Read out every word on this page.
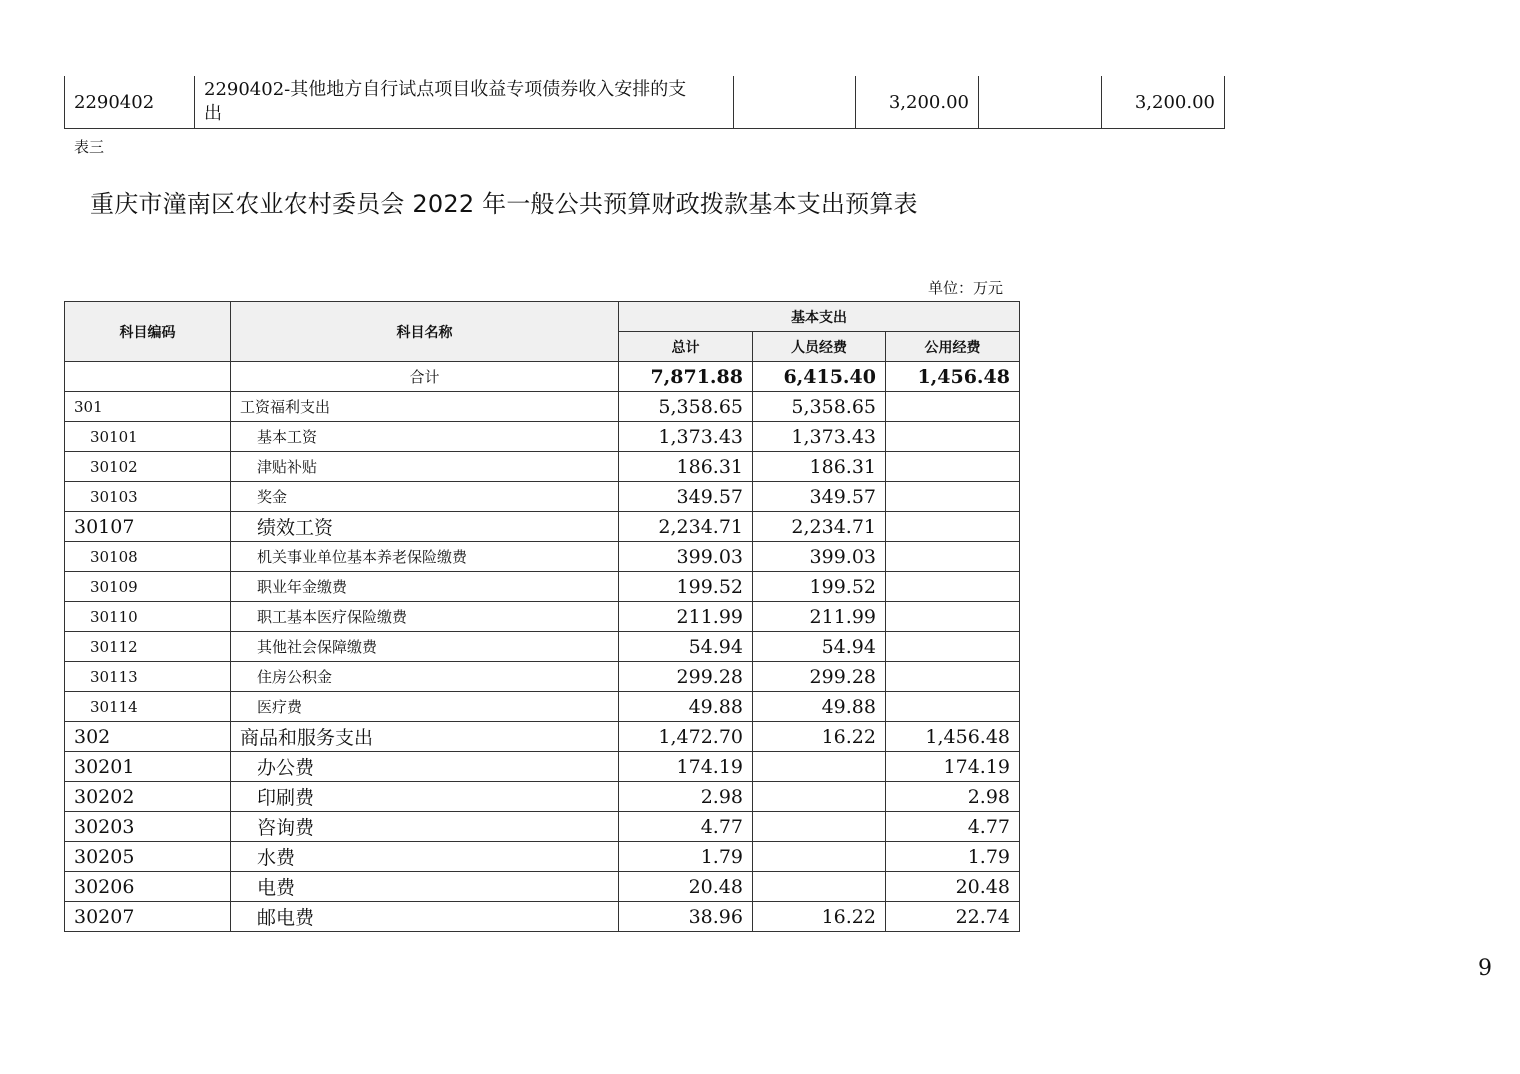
2290402	2290402-其他地方自行试点项目收益专项债券收入安排的支
出		3,200.00		3,200.00
表三
重庆市潼南区农业农村委员会 2022 年一般公共预算财政拨款基本支出预算表
单位：万元
科目编码	科目名称	基本支出		
		总计	人员经费	公用经费
	合计	7,871.88	6,415.40	1,456.48
301	工资福利支出	5,358.65	5,358.65	
30101	基本工资	1,373.43	1,373.43	
30102	津贴补贴	186.31	186.31	
30103	奖金	349.57	349.57	
30107	绩效工资	2,234.71	2,234.71	
30108	机关事业单位基本养老保险缴费	399.03	399.03	
30109	职业年金缴费	199.52	199.52	
30110	职工基本医疗保险缴费	211.99	211.99	
30112	其他社会保障缴费	54.94	54.94	
30113	住房公积金	299.28	299.28	
30114	医疗费	49.88	49.88	
302	商品和服务支出	1,472.70	16.22	1,456.48
30201	办公费	174.19		174.19
30202	印刷费	2.98		2.98
30203	咨询费	4.77		4.77
30205	水费	1.79		1.79
30206	电费	20.48		20.48
30207	邮电费	38.96	16.22	22.74
9
